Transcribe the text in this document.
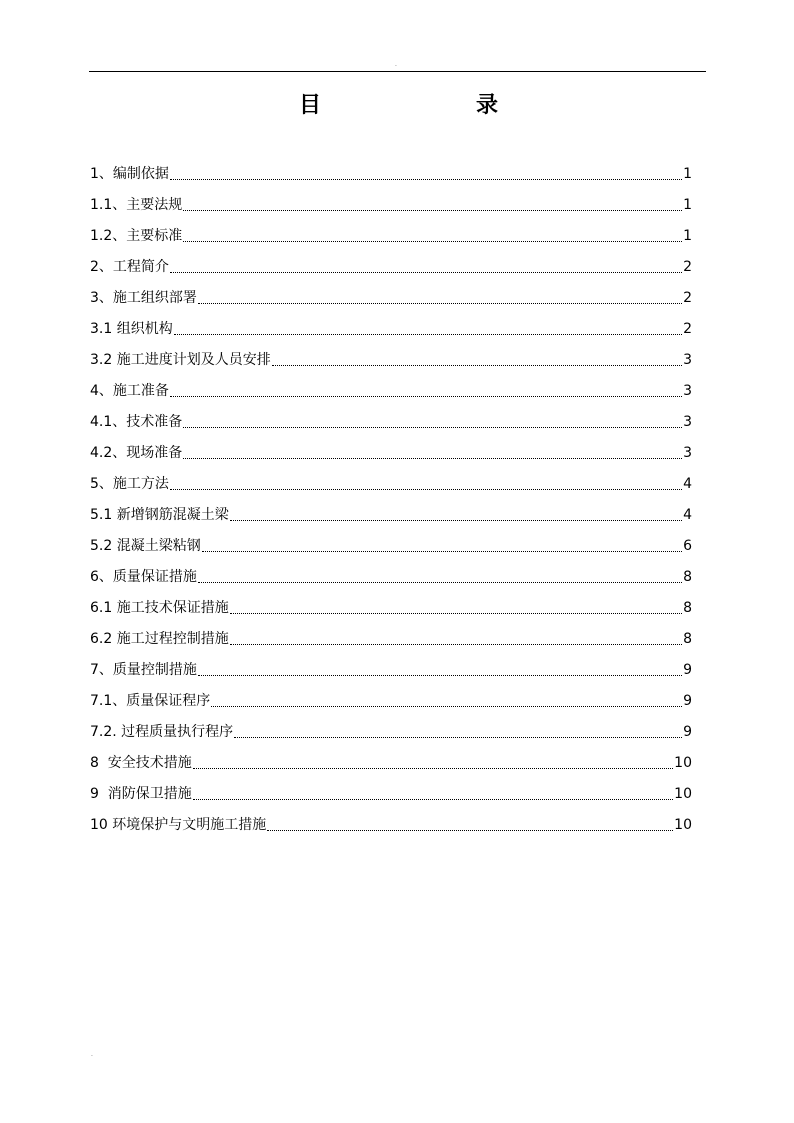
.
目	录
1、编制依据	1
1.1、主要法规	1
1.2、主要标准	1
2、工程简介	2
3、施工组织部署	2
3.1 组织机构	2
3.2 施工进度计划及人员安排	3
4、施工准备	3
4.1、技术准备	3
4.2、现场准备	3
5、施工方法	4
5.1 新增钢筋混凝土梁	4
5.2 混凝土梁粘钢	6
6、质量保证措施	8
6.1 施工技术保证措施	8
6.2 施工过程控制措施	8
7、质量控制措施	9
7.1、质量保证程序	9
7.2. 过程质量执行程序	9
8  安全技术措施	10
9  消防保卫措施	10
10 环境保护与文明施工措施	10
.
